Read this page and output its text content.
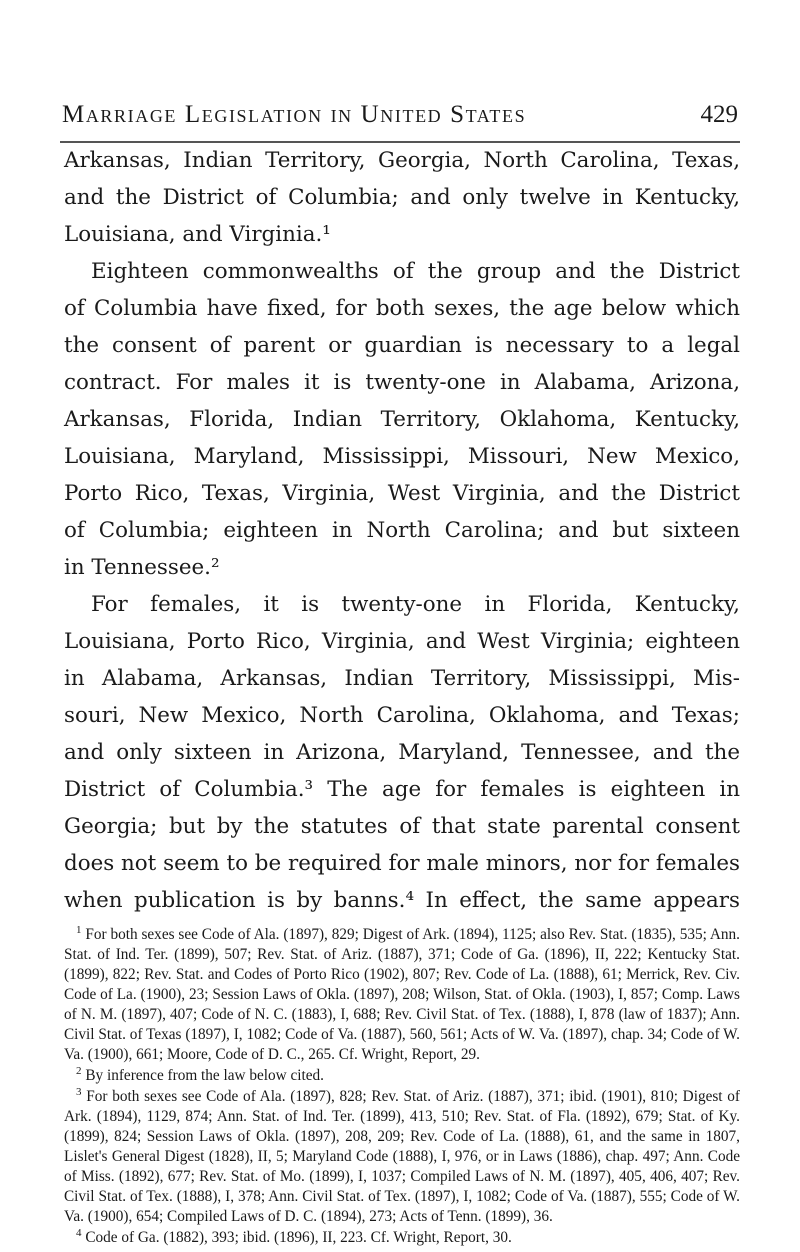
Marriage Legislation in United States	429
Arkansas, Indian Territory, Georgia, North Carolina, Texas,
and the District of Columbia; and only twelve in Kentucky,
Louisiana, and Virginia.¹
Eighteen commonwealths of the group and the District
of Columbia have fixed, for both sexes, the age below which
the consent of parent or guardian is necessary to a legal
contract. For males it is twenty-one in Alabama, Arizona,
Arkansas, Florida, Indian Territory, Oklahoma, Kentucky,
Louisiana, Maryland, Mississippi, Missouri, New Mexico,
Porto Rico, Texas, Virginia, West Virginia, and the District
of Columbia; eighteen in North Carolina; and but sixteen
in Tennessee.²
For females, it is twenty-one in Florida, Kentucky,
Louisiana, Porto Rico, Virginia, and West Virginia; eighteen
in Alabama, Arkansas, Indian Territory, Mississippi, Mis-
souri, New Mexico, North Carolina, Oklahoma, and Texas;
and only sixteen in Arizona, Maryland, Tennessee, and the
District of Columbia.³ The age for females is eighteen in
Georgia; but by the statutes of that state parental consent
does not seem to be required for male minors, nor for females
when publication is by banns.⁴ In effect, the same appears
$^1$ For both sexes see Code of Ala. (1897), 829; Digest of Ark. (1894), 1125; also Rev. Stat. (1835), 535; Ann. Stat. of Ind. Ter. (1899), 507; Rev. Stat. of Ariz. (1887), 371; Code of Ga. (1896), II, 222; Kentucky Stat. (1899), 822; Rev. Stat. and Codes of Porto Rico (1902), 807; Rev. Code of La. (1888), 61; Merrick, Rev. Civ. Code of La. (1900), 23; Session Laws of Okla. (1897), 208; Wilson, Stat. of Okla. (1903), I, 857; Comp. Laws of N. M. (1897), 407; Code of N. C. (1883), I, 688; Rev. Civil Stat. of Tex. (1888), I, 878 (law of 1837); Ann. Civil Stat. of Texas (1897), I, 1082; Code of Va. (1887), 560, 561; Acts of W. Va. (1897), chap. 34; Code of W. Va. (1900), 661; Moore, Code of D. C., 265. Cf. Wright, Report, 29.
$^2$ By inference from the law below cited.
$^3$ For both sexes see Code of Ala. (1897), 828; Rev. Stat. of Ariz. (1887), 371; ibid. (1901), 810; Digest of Ark. (1894), 1129, 874; Ann. Stat. of Ind. Ter. (1899), 413, 510; Rev. Stat. of Fla. (1892), 679; Stat. of Ky. (1899), 824; Session Laws of Okla. (1897), 208, 209; Rev. Code of La. (1888), 61, and the same in 1807, Lislet's General Digest (1828), II, 5; Maryland Code (1888), I, 976, or in Laws (1886), chap. 497; Ann. Code of Miss. (1892), 677; Rev. Stat. of Mo. (1899), I, 1037; Compiled Laws of N. M. (1897), 405, 406, 407; Rev. Civil Stat. of Tex. (1888), I, 378; Ann. Civil Stat. of Tex. (1897), I, 1082; Code of Va. (1887), 555; Code of W. Va. (1900), 654; Compiled Laws of D. C. (1894), 273; Acts of Tenn. (1899), 36.
$^4$ Code of Ga. (1882), 393; ibid. (1896), II, 223. Cf. Wright, Report, 30.
